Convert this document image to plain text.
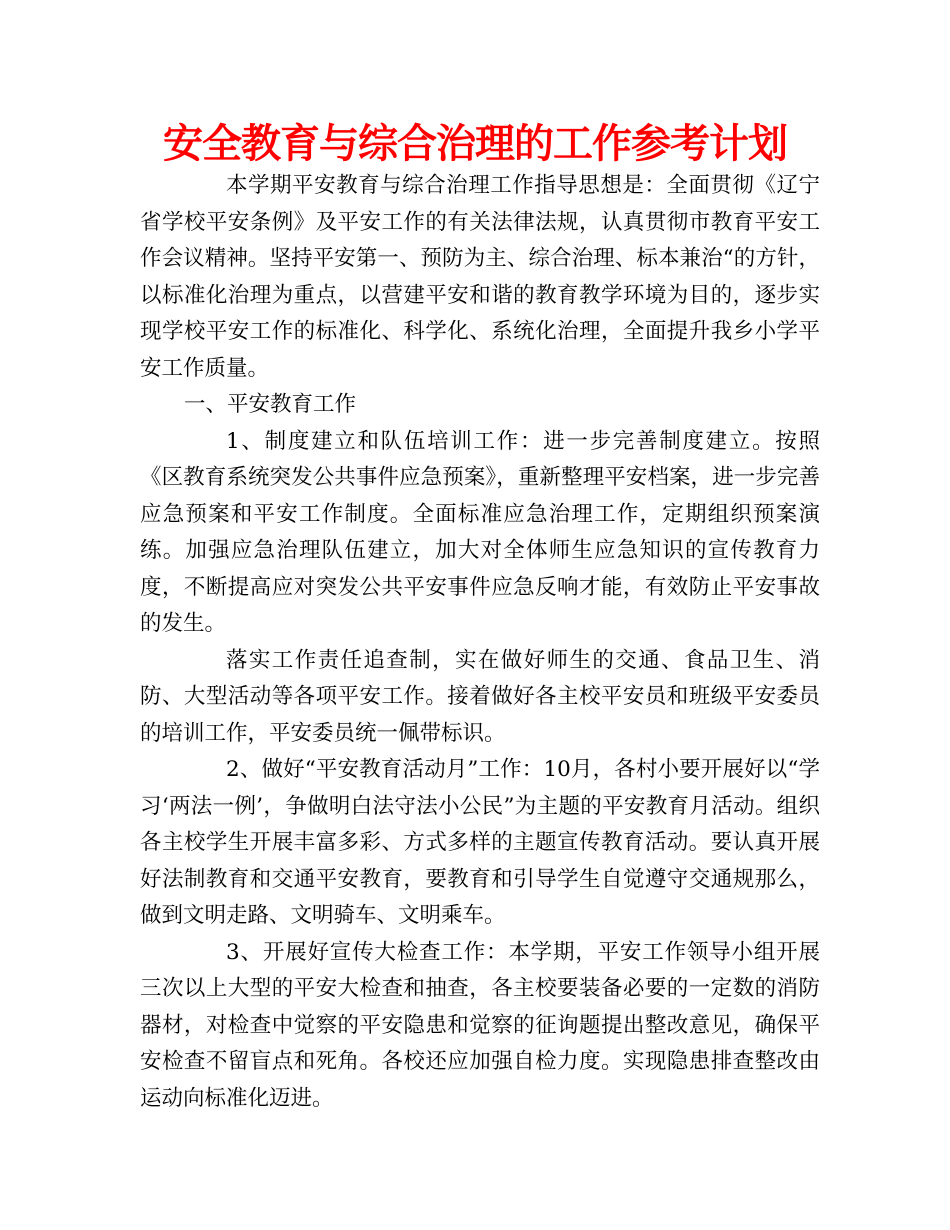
安全教育与综合治理的工作参考计划

本学期平安教育与综合治理工作指导思想是：全面贯彻《辽宁省学校平安条例》及平安工作的有关法律法规，认真贯彻市教育平安工作会议精神。坚持平安第一、预防为主、综合治理、标本兼治“的方针，以标准化治理为重点，以营建平安和谐的教育教学环境为目的，逐步实现学校平安工作的标准化、科学化、系统化治理，全面提升我乡小学平安工作质量。

一、平安教育工作

1、制度建立和队伍培训工作：进一步完善制度建立。按照《区教育系统突发公共事件应急预案》，重新整理平安档案，进一步完善应急预案和平安工作制度。全面标准应急治理工作，定期组织预案演练。加强应急治理队伍建立，加大对全体师生应急知识的宣传教育力度，不断提高应对突发公共平安事件应急反响才能，有效防止平安事故的发生。

落实工作责任追查制，实在做好师生的交通、食品卫生、消防、大型活动等各项平安工作。接着做好各主校平安员和班级平安委员的培训工作，平安委员统一佩带标识。

2、做好“平安教育活动月”工作：10月，各村小要开展好以“学习‘两法一例’，争做明白法守法小公民”为主题的平安教育月活动。组织各主校学生开展丰富多彩、方式多样的主题宣传教育活动。要认真开展好法制教育和交通平安教育，要教育和引导学生自觉遵守交通规那么，做到文明走路、文明骑车、文明乘车。

3、开展好宣传大检查工作：本学期，平安工作领导小组开展三次以上大型的平安大检查和抽查，各主校要装备必要的一定数的消防器材，对检查中觉察的平安隐患和觉察的征询题提出整改意见，确保平安检查不留盲点和死角。各校还应加强自检力度。实现隐患排查整改由运动向标准化迈进。
